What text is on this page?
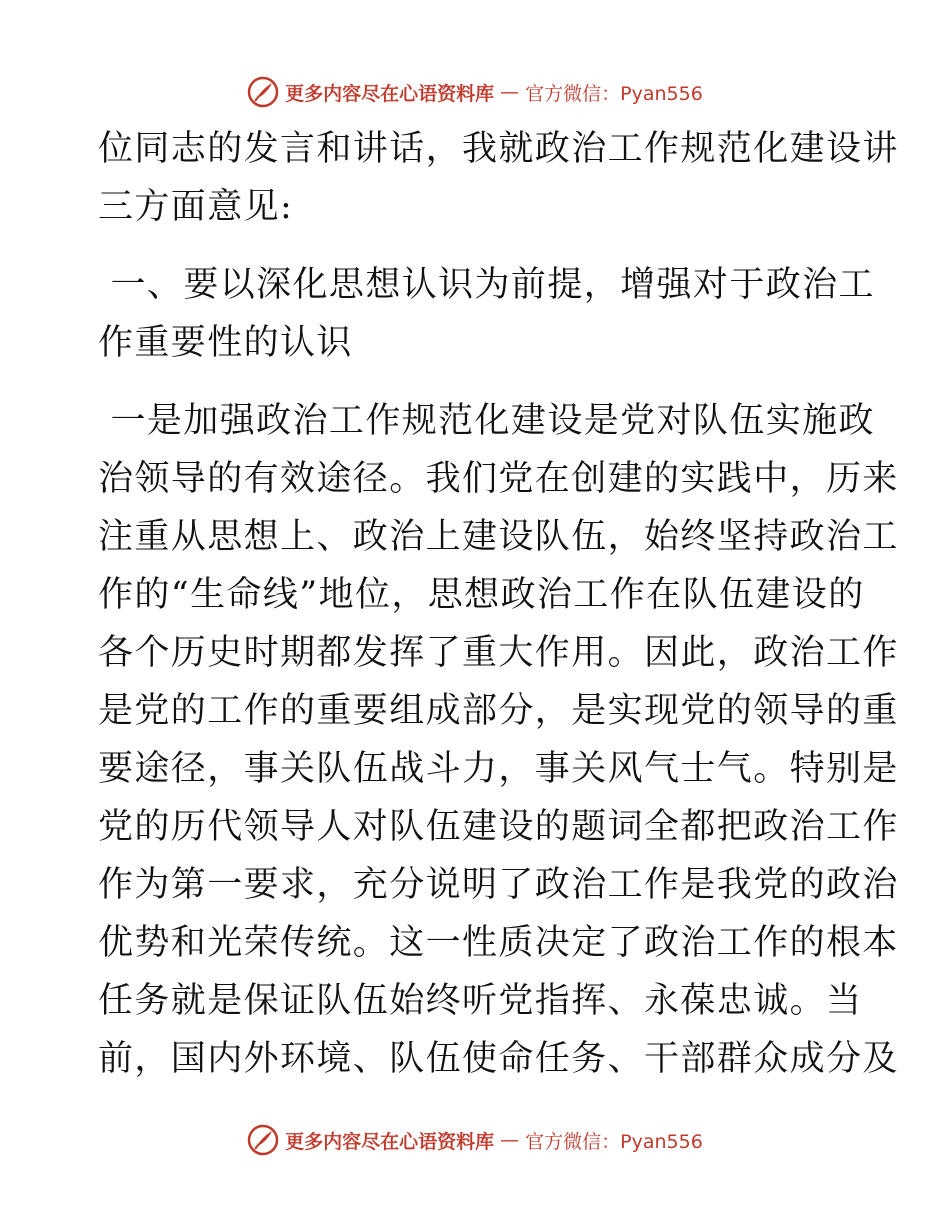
更多内容尽在心语资料库 — 官方微信：Pyan556
位同志的发言和讲话，我就政治工作规范化建设讲
三方面意见:
一、要以深化思想认识为前提，增强对于政治工
作重要性的认识
一是加强政治工作规范化建设是党对队伍实施政
治领导的有效途径。我们党在创建的实践中，历来
注重从思想上、政治上建设队伍，始终坚持政治工
作的“生命线”地位，思想政治工作在队伍建设的
各个历史时期都发挥了重大作用。因此，政治工作
是党的工作的重要组成部分，是实现党的领导的重
要途径，事关队伍战斗力，事关风气士气。特别是
党的历代领导人对队伍建设的题词全都把政治工作
作为第一要求，充分说明了政治工作是我党的政治
优势和光荣传统。这一性质决定了政治工作的根本
任务就是保证队伍始终听党指挥、永葆忠诚。当
前，国内外环境、队伍使命任务、干部群众成分及
更多内容尽在心语资料库 — 官方微信：Pyan556
